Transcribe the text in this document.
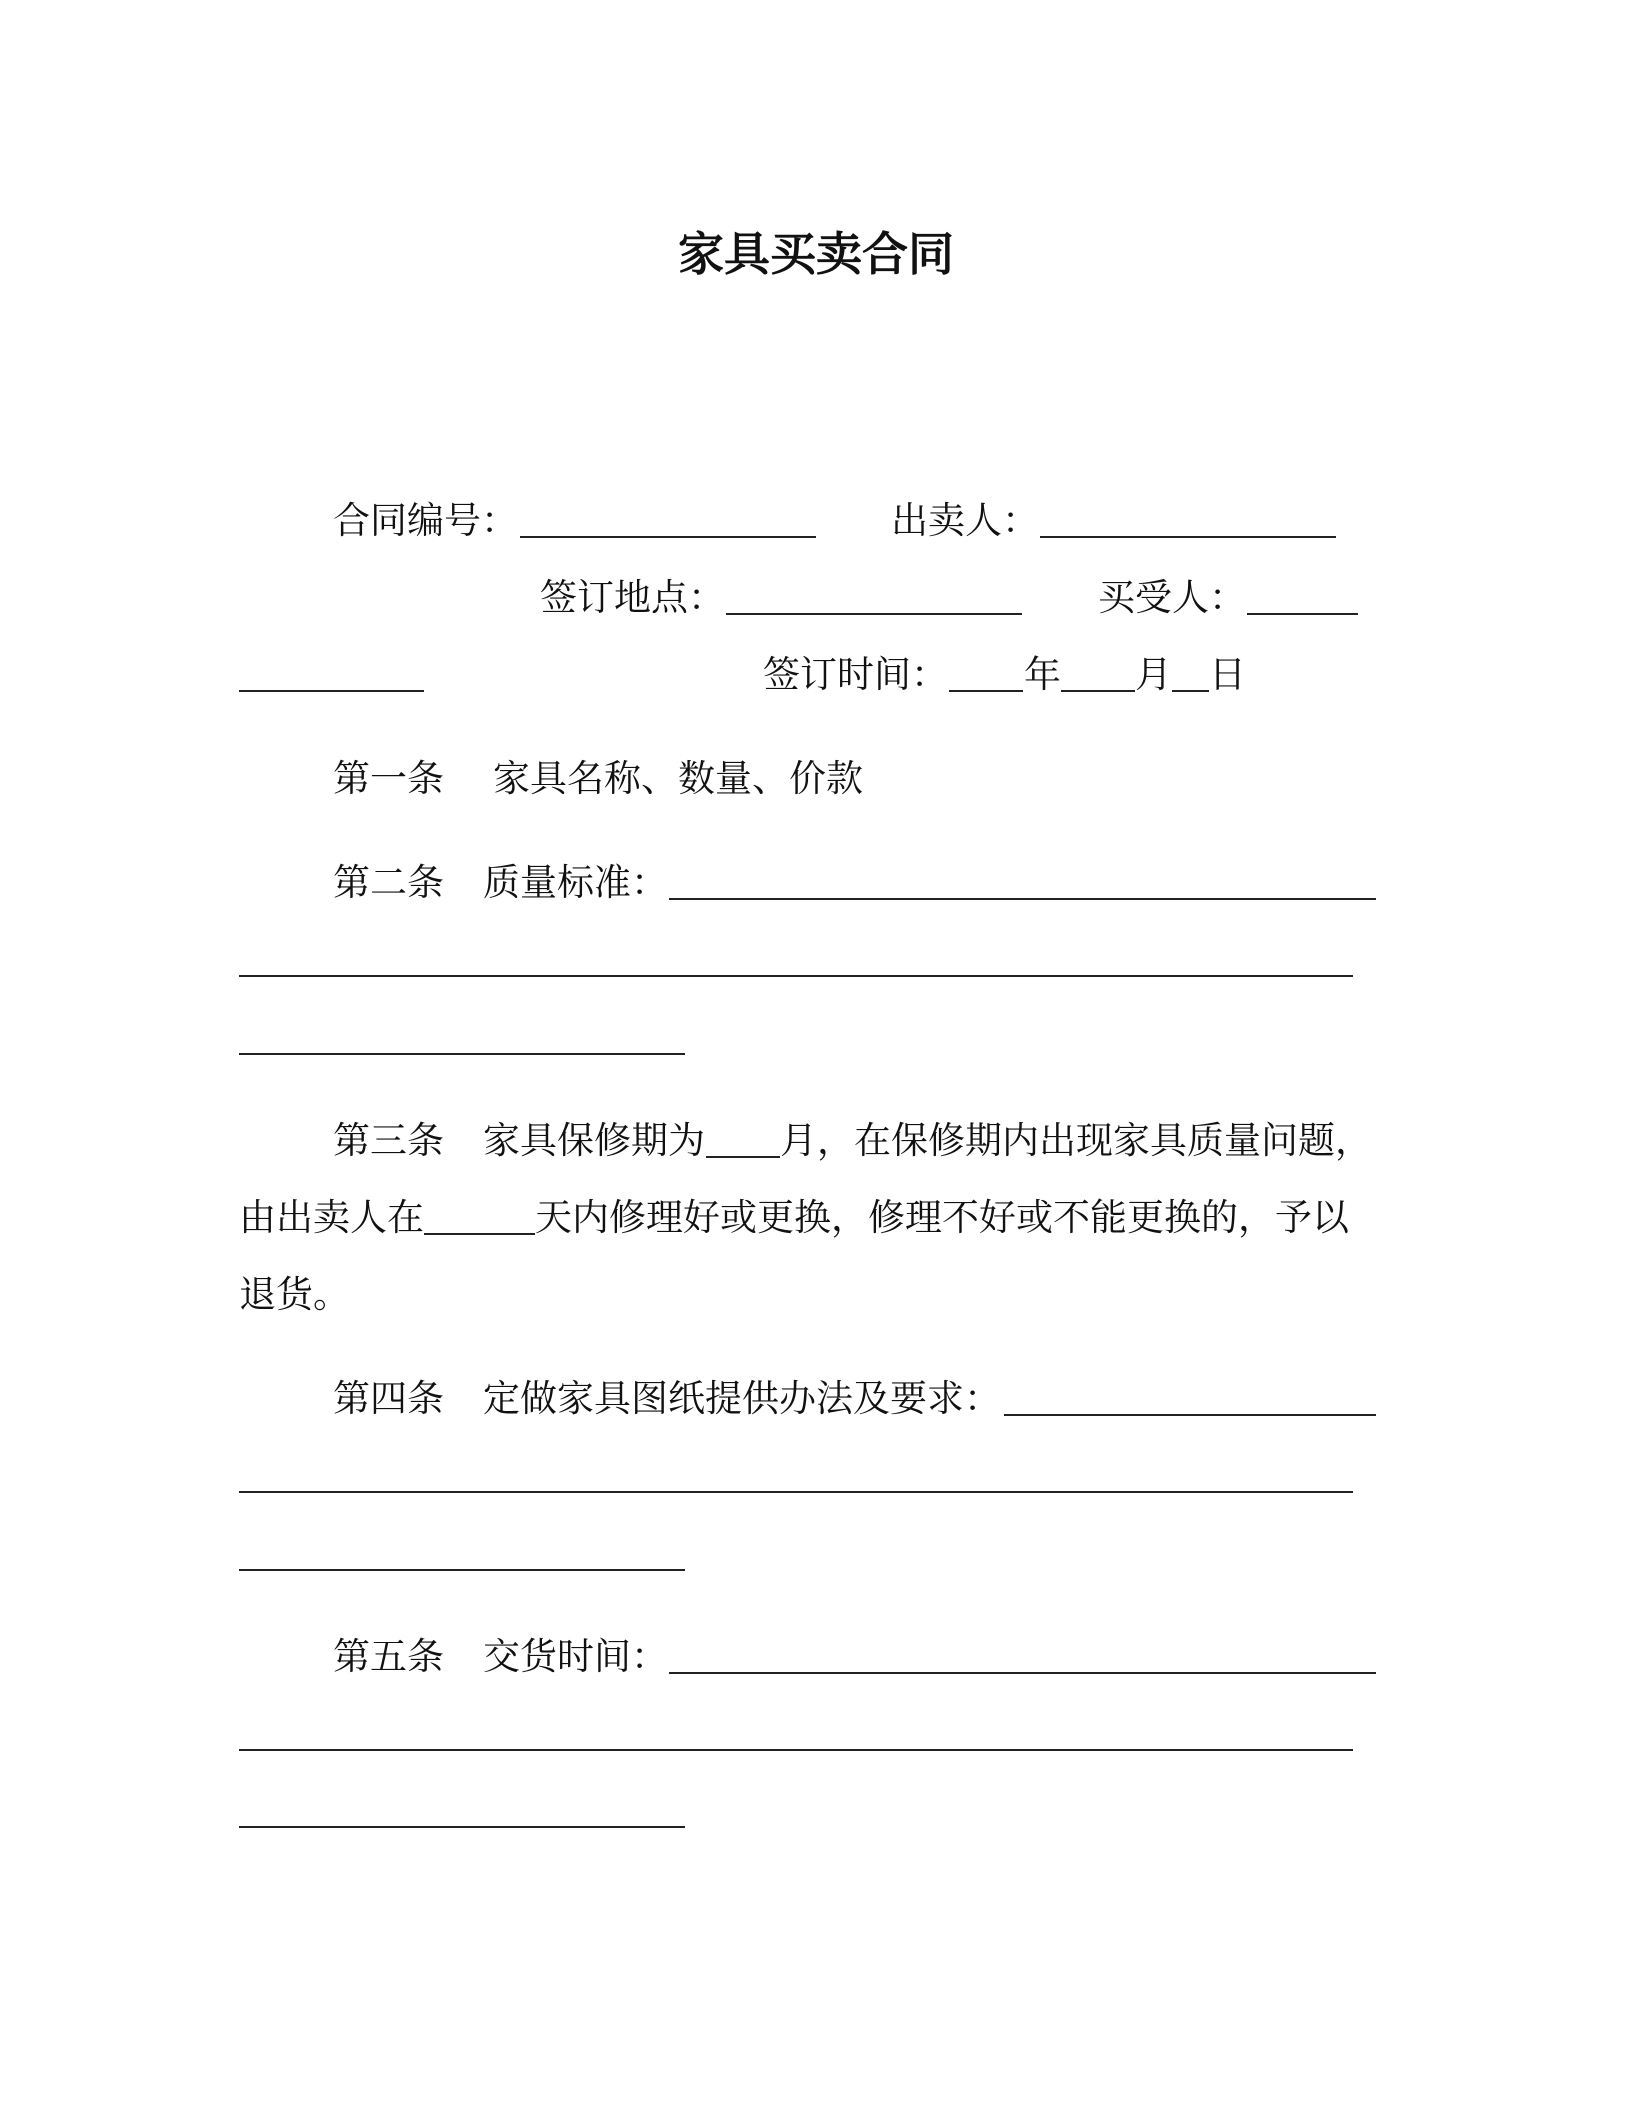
家具买卖合同
合同编号：	出卖人：
签订地点：	买受人：
签订时间： 年 月 日
第一条 家具名称、数量、价款
第二条 质量标准：
第三条 家具保修期为 月，在保修期内出现家具质量问题，
由出卖人在	天内修理好或更换，修理不好或不能更换的，予以
退货。
第四条 定做家具图纸提供办法及要求：
第五条 交货时间：
